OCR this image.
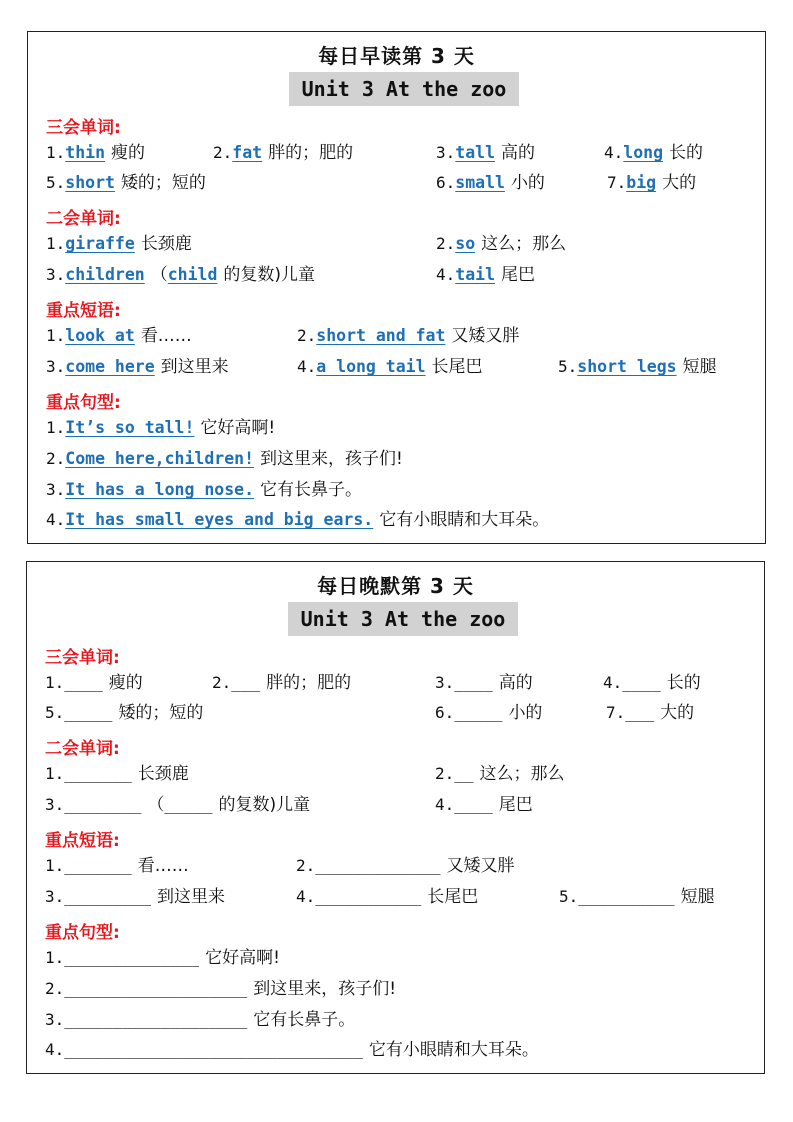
每日早读第 3 天
Unit 3 At the zoo
三会单词:
1.thin 瘦的	2.fat 胖的；肥的	3.tall 高的	4.long 长的
5.short 矮的；短的	6.small 小的	7.big 大的
二会单词:
1.giraffe 长颈鹿	2.so 这么；那么
3.children （child 的复数)儿童	4.tail 尾巴
重点短语:
1.look at 看……	2.short and fat 又矮又胖
3.come here 到这里来	4.a long tail 长尾巴	5.short legs 短腿
重点句型:
1.It’s so tall! 它好高啊!
2.Come here,children! 到这里来，孩子们!
3.It has a long nose. 它有长鼻子。
4.It has small eyes and big ears. 它有小眼睛和大耳朵。
每日晚默第 3 天
Unit 3 At the zoo
三会单词:
1.____ 瘦的	2.___ 胖的；肥的	3.____ 高的	4.____ 长的
5._____ 矮的；短的	6._____ 小的	7.___ 大的
二会单词:
1._______ 长颈鹿	2.__ 这么；那么
3.________ （_____ 的复数)儿童	4.____ 尾巴
重点短语:
1._______ 看……	2._____________ 又矮又胖
3._________ 到这里来	4.___________ 长尾巴	5.__________ 短腿
重点句型:
1.______________ 它好高啊!
2.___________________ 到这里来，孩子们!
3.___________________ 它有长鼻子。
4._______________________________ 它有小眼睛和大耳朵。
